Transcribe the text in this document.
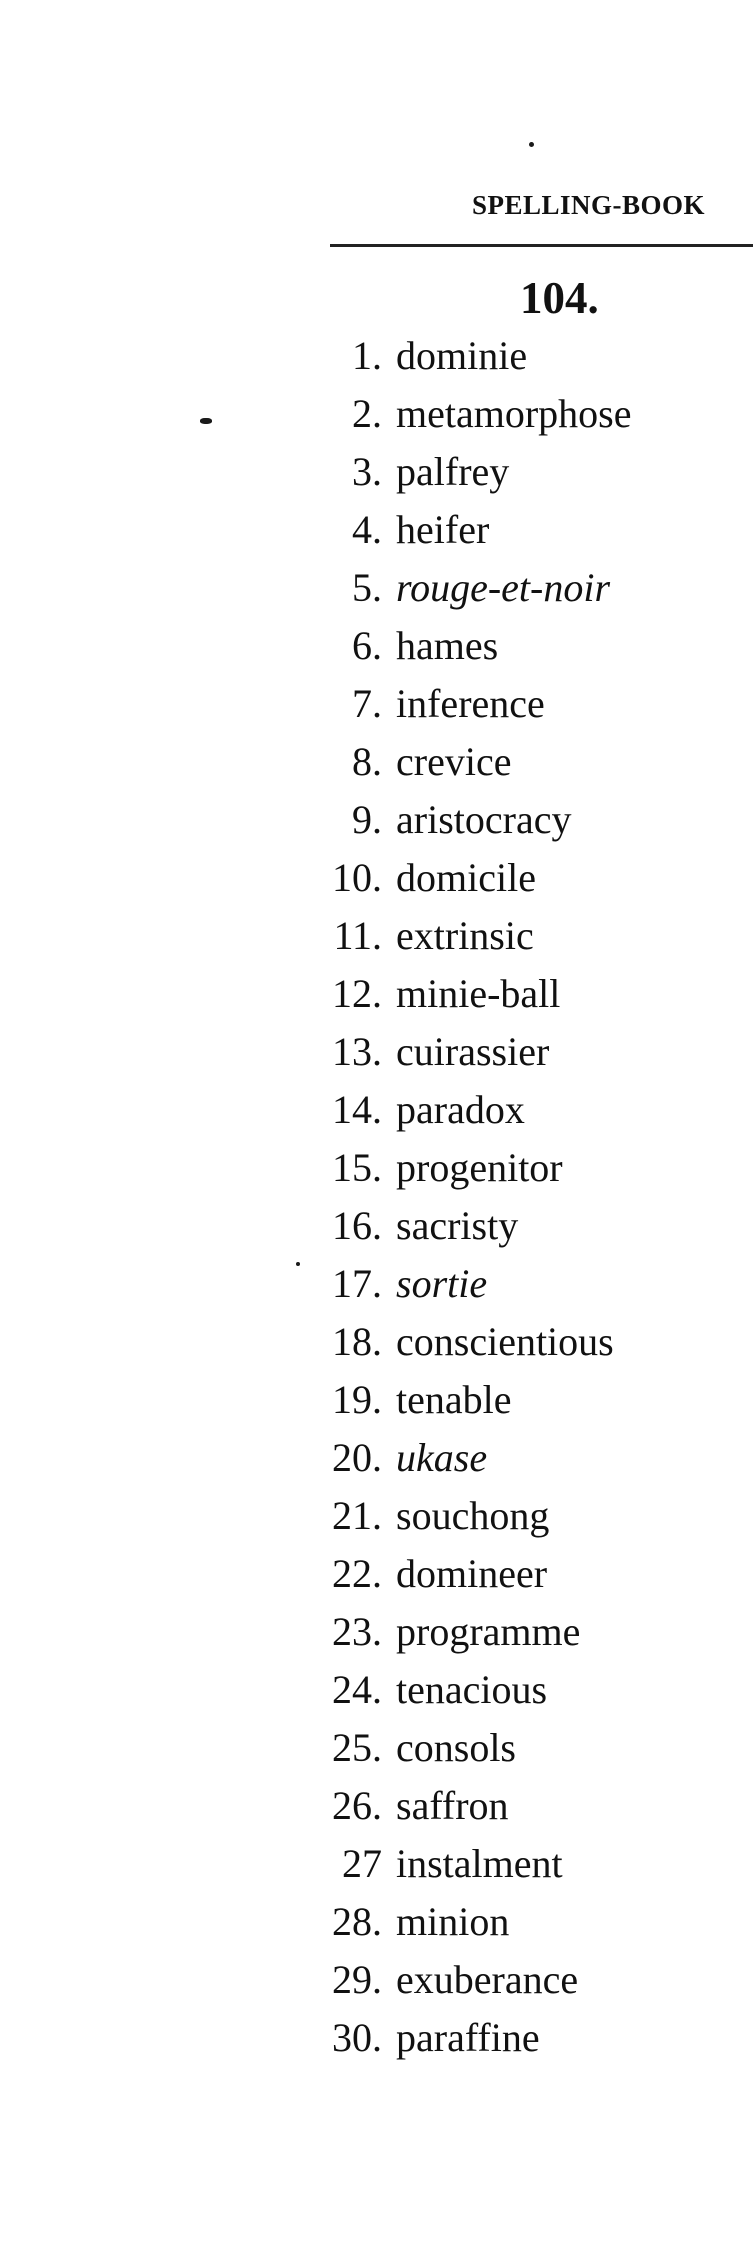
SPELLING-BOOK
104.
1. dominie
2. metamorphose
3. palfrey
4. heifer
5. rouge-et-noir
6. hames
7. inference
8. crevice
9. aristocracy
10. domicile
11. extrinsic
12. minie-ball
13. cuirassier
14. paradox
15. progenitor
16. sacristy
17. sortie
18. conscientious
19. tenable
20. ukase
21. souchong
22. domineer
23. programme
24. tenacious
25. consols
26. saffron
27 instalment
28. minion
29. exuberance
30. paraffine
